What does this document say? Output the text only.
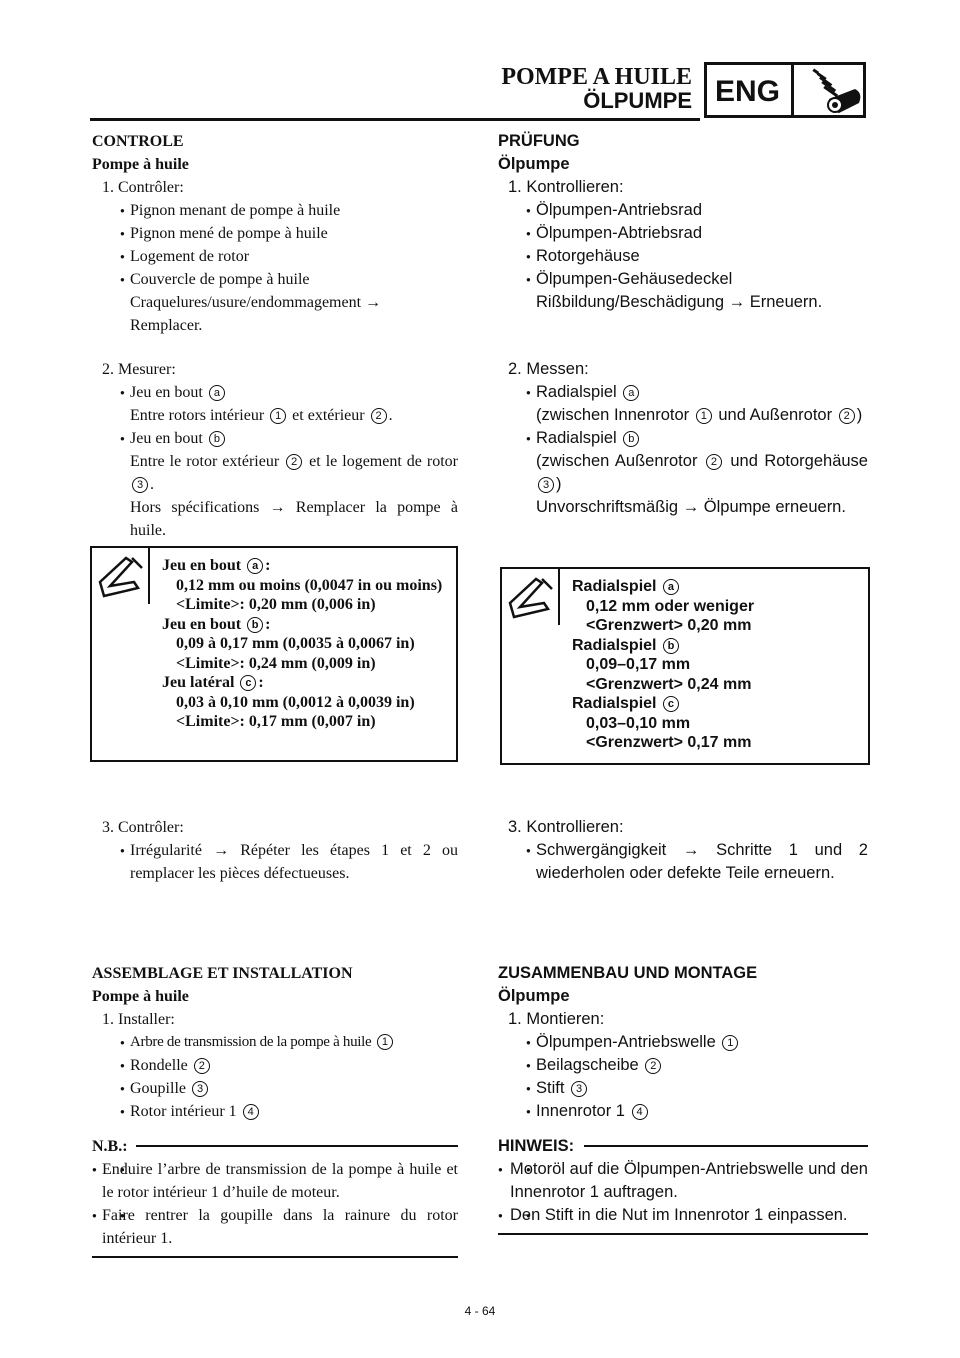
POMPE A HUILE
ÖLPUMPE ENG
CONTROLE
Pompe à huile
1. Contrôler:
● Pignon menant de pompe à huile
● Pignon mené de pompe à huile
● Logement de rotor
● Couvercle de pompe à huile
Craquelures/usure/endommagement →
Remplacer.
2. Mesurer:
● Jeu en bout a
Entre rotors intérieur 1 et extérieur 2 .
● Jeu en bout b
Entre le rotor extérieur 2 et le logement de rotor 3 .
Hors spécifications → Remplacer la pompe à huile.
Jeu en bout a :
0,12 mm ou moins (0,0047 in ou moins)
<Limite>: 0,20 mm (0,006 in)
Jeu en bout b :
0,09 à 0,17 mm (0,0035 à 0,0067 in)
<Limite>: 0,24 mm (0,009 in)
Jeu latéral c :
0,03 à 0,10 mm (0,0012 à 0,0039 in)
<Limite>: 0,17 mm (0,007 in)
3. Contrôler:
● Irrégularité → Répéter les étapes 1 et 2 ou remplacer les pièces défectueuses.
ASSEMBLAGE ET INSTALLATION
Pompe à huile
1. Installer:
● Arbre de transmission de la pompe à huile 1
● Rondelle 2
● Goupille 3
● Rotor intérieur 1 4
N.B.:
● ● Enduire l’arbre de transmission de la pompe à huile et le rotor intérieur 1 d’huile de moteur.
● ● Faire rentrer la goupille dans la rainure du rotor intérieur 1.
PRÜFUNG
Ölpumpe
1. Kontrollieren:
● Ölpumpen-Antriebsrad
● Ölpumpen-Abtriebsrad
● Rotorgehäuse
● Ölpumpen-Gehäusedeckel
Rißbildung/Beschädigung → Erneuern.
2. Messen:
● Radialspiel a
(zwischen Innenrotor 1 und Außenrotor 2 )
● Radialspiel b
(zwischen Außenrotor 2 und Rotorgehäuse 3 )
Unvorschriftsmäßig → Ölpumpe erneuern.
Radialspiel a
0,12 mm oder weniger
<Grenzwert> 0,20 mm
Radialspiel b
0,09–0,17 mm
<Grenzwert> 0,24 mm
Radialspiel c
0,03–0,10 mm
<Grenzwert> 0,17 mm
3. Kontrollieren:
● Schwergängigkeit → Schritte 1 und 2 wiederholen oder defekte Teile erneuern.
ZUSAMMENBAU UND MONTAGE
Ölpumpe
1. Montieren:
● Ölpumpen-Antriebswelle 1
● Beilagscheibe 2
● Stift 3
● Innenrotor 1 4
HINWEIS:
● ● Motoröl auf die Ölpumpen-Antriebswelle und den Innenrotor 1 auftragen.
● ● Den Stift in die Nut im Innenrotor 1 einpassen.
4 - 64
